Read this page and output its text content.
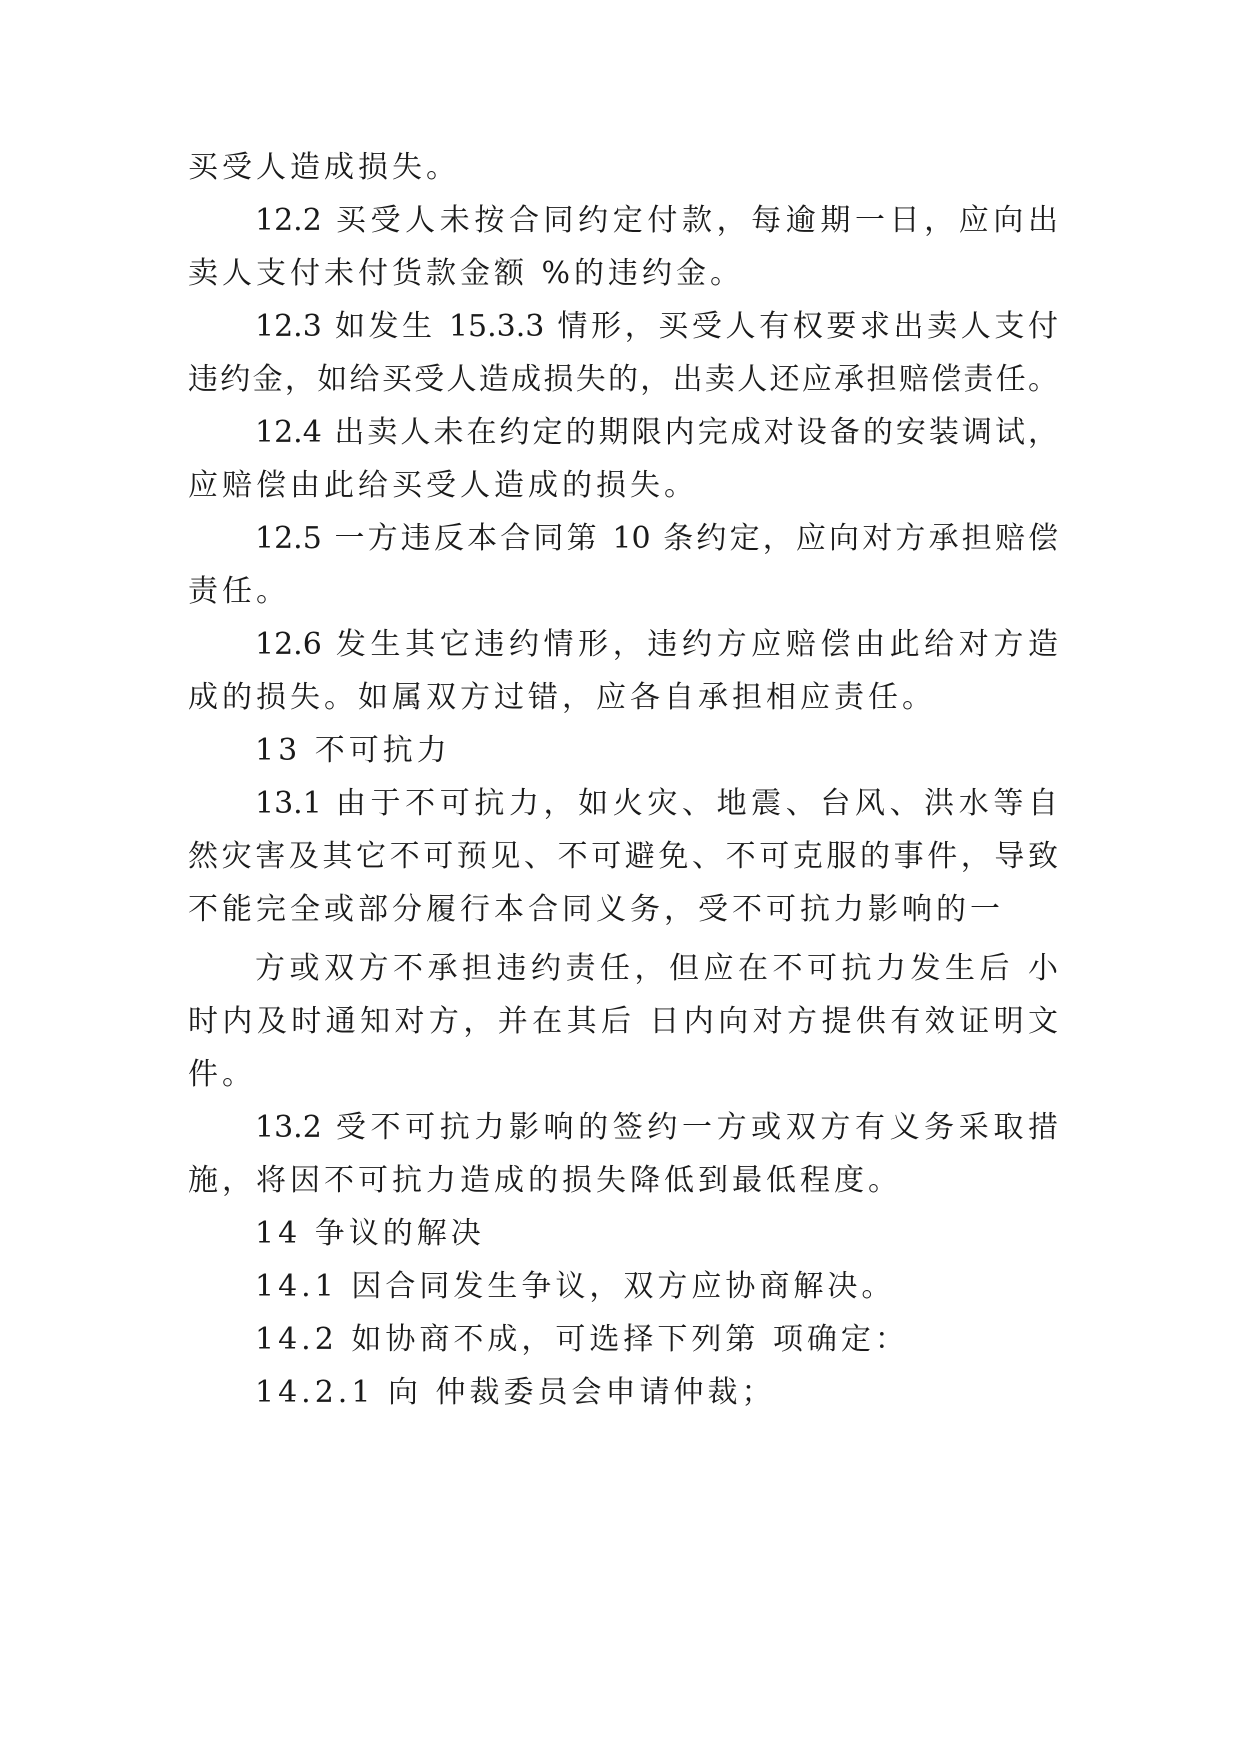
买受人造成损失。
12.2 买受人未按合同约定付款，每逾期一日，应向出
卖人支付未付货款金额 %的违约金。
12.3 如发生 15.3.3 情形，买受人有权要求出卖人支付
违约金，如给买受人造成损失的，出卖人还应承担赔偿责任。
12.4 出卖人未在约定的期限内完成对设备的安装调试，
应赔偿由此给买受人造成的损失。
12.5 一方违反本合同第 10 条约定，应向对方承担赔偿
责任。
12.6 发生其它违约情形，违约方应赔偿由此给对方造
成的损失。如属双方过错，应各自承担相应责任。
13 不可抗力
13.1 由于不可抗力，如火灾、地震、台风、洪水等自
然灾害及其它不可预见、不可避免、不可克服的事件，导致
不能完全或部分履行本合同义务，受不可抗力影响的一
方或双方不承担违约责任，但应在不可抗力发生后 小
时内及时通知对方，并在其后 日内向对方提供有效证明文
件。
13.2 受不可抗力影响的签约一方或双方有义务采取措
施，将因不可抗力造成的损失降低到最低程度。
14 争议的解决
14.1 因合同发生争议，双方应协商解决。
14.2 如协商不成，可选择下列第 项确定：
14.2.1 向 仲裁委员会申请仲裁；
